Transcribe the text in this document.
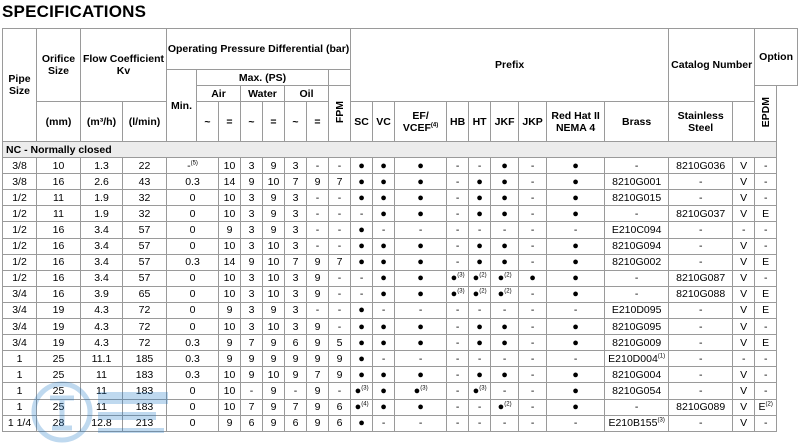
SPECIFICATIONS
Pipe Size	Orifice Size	Flow Coefficient Kv		Operating Pressure Differential (bar)								Prefix									Catalog Number		Option
				Min.	Max. (PS)																		
					Air		Water		Oil		FPM												EPDM
	(mm)	(m³/h)	(l/min)		~	=	~	=	~	=		SC	VC	EF/ VCEF$^{(4)}$	HB	HT	JKF	JKP	Red Hat II NEMA 4	Brass	Stainless Steel		
NC - Normally closed																							
3/8	10	1.3	22	-$^{(5)}$		10	3	9	3	-	-	●	●	●	-	-	●	-	●	-	8210G036	V	-
3/8	16	2.6	43	0.3		14	9	10	7	9	7	●	●	●	-	●	●	-	●	8210G001	-	V	-
1/2	11	1.9	32	0		10	3	9	3	-	-	●	●	●	-	●	●	-	●	8210G015	-	V	-
1/2	11	1.9	32	0		10	3	9	3	-	-	-	●	●	-	●	●	-	●	-	8210G037	V	E
1/2	16	3.4	57	0		9	3	9	3	-	-	●	-	-	-	-	-	-	-	E210C094	-	-	-
1/2	16	3.4	57	0		10	3	10	3	-	-	●	●	●	-	●	●	-	●	8210G094	-	V	-
1/2	16	3.4	57	0.3		14	9	10	7	9	7	●	●	●	-	●	●	-	●	8210G002	-	V	E
1/2	16	3.4	57	0		10	3	10	3	9	-	-	●	●	●$^{(3)}$	●$^{(2)}$	●$^{(2)}$	●	●	-	8210G087	V	-
3/4	16	3.9	65	0		10	3	10	3	9	-	-	●	●	●$^{(3)}$	●$^{(2)}$	●$^{(2)}$	-	●	-	8210G088	V	E
3/4	19	4.3	72	0		9	3	9	3	-	-	●	-	-	-	-	-	-	-	E210D095	-	V	E
3/4	19	4.3	72	0		10	3	10	3	9	-	●	●	●	-	●	●	-	●	8210G095	-	V	-
3/4	19	4.3	72	0.3		9	7	9	6	9	5	●	●	●	-	●	●	-	●	8210G009	-	V	E
1	25	11.1	185	0.3		9	9	9	9	9	9	●	-	-	-	-	-	-	-	E210D004$^{(1)}$	-	-	-
1	25	11	183	0.3		10	9	10	9	7	9	●	●	●	-	●	●	-	●	8210G004	-	V	-
1	25	11	183	0		10	-	9	-	9	-	●$^{(3)}$	●	●$^{(3)}$	-	●$^{(3)}$	-	-	●	8210G054	-	V	-
1	25	11	183	0		10	7	9	7	9	6	●$^{(4)}$	●	●	-	-	●$^{(2)}$	-	●	-	8210G089	V	$E^{(2)}$
1 1/4	28	12.8	213	0		9	6	9	6	9	6	●	-	-	-	-	-	-	-	E210B155$^{(3)}$	-	V	-
